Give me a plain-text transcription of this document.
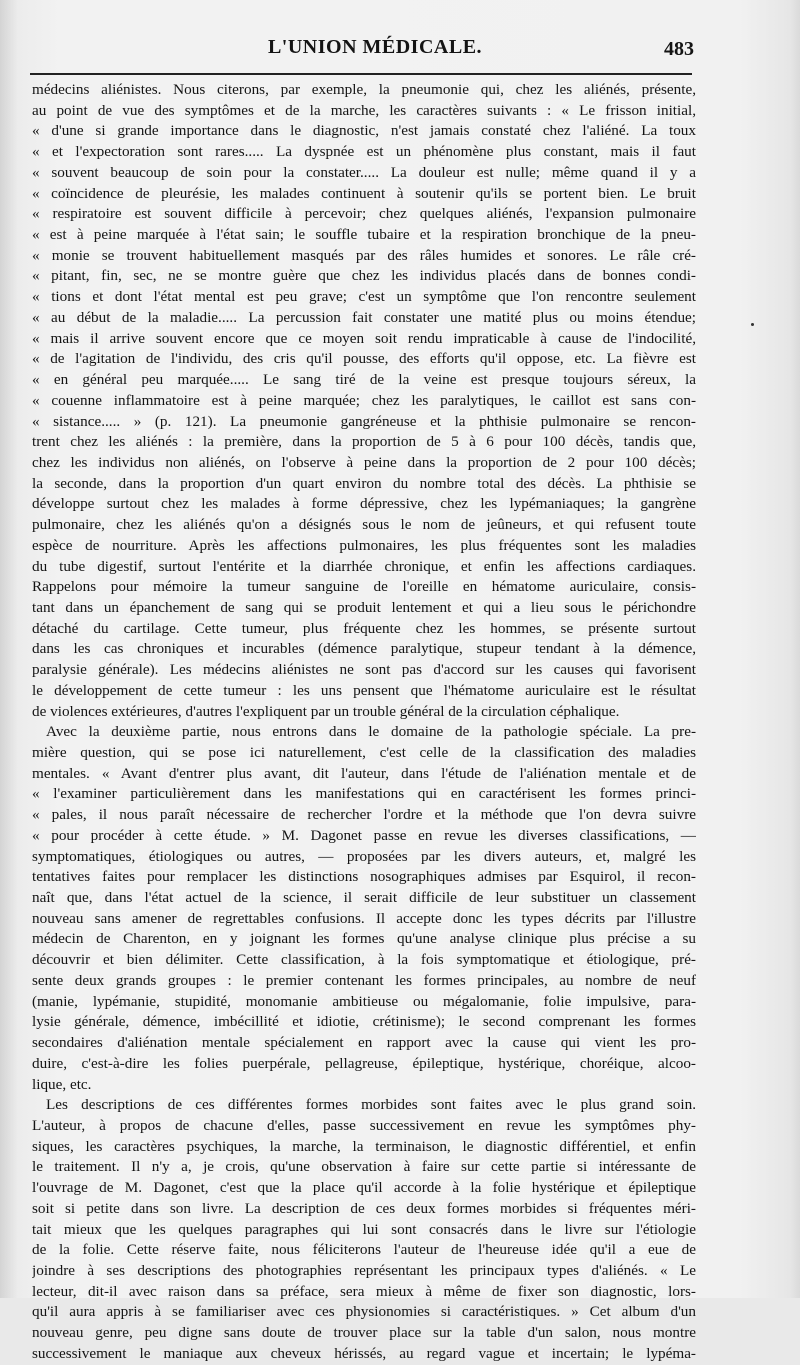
L'UNION MÉDICALE.	483
médecins aliénistes. Nous citerons, par exemple, la pneumonie qui, chez les aliénés, présente,
au point de vue des symptômes et de la marche, les caractères suivants : « Le frisson initial,
« d'une si grande importance dans le diagnostic, n'est jamais constaté chez l'aliéné. La toux
« et l'expectoration sont rares..... La dyspnée est un phénomène plus constant, mais il faut
« souvent beaucoup de soin pour la constater..... La douleur est nulle; même quand il y a
« coïncidence de pleurésie, les malades continuent à soutenir qu'ils se portent bien. Le bruit
« respiratoire est souvent difficile à percevoir; chez quelques aliénés, l'expansion pulmonaire
« est à peine marquée à l'état sain; le souffle tubaire et la respiration bronchique de la pneu-
« monie se trouvent habituellement masqués par des râles humides et sonores. Le râle cré-
« pitant, fin, sec, ne se montre guère que chez les individus placés dans de bonnes condi-
« tions et dont l'état mental est peu grave; c'est un symptôme que l'on rencontre seulement
« au début de la maladie..... La percussion fait constater une matité plus ou moins étendue;
« mais il arrive souvent encore que ce moyen soit rendu impraticable à cause de l'indocilité,
« de l'agitation de l'individu, des cris qu'il pousse, des efforts qu'il oppose, etc. La fièvre est
« en général peu marquée..... Le sang tiré de la veine est presque toujours séreux, la
« couenne inflammatoire est à peine marquée; chez les paralytiques, le caillot est sans con-
« sistance..... » (p. 121). La pneumonie gangréneuse et la phthisie pulmonaire se rencon-
trent chez les aliénés : la première, dans la proportion de 5 à 6 pour 100 décès, tandis que,
chez les individus non aliénés, on l'observe à peine dans la proportion de 2 pour 100 décès;
la seconde, dans la proportion d'un quart environ du nombre total des décès. La phthisie se
développe surtout chez les malades à forme dépressive, chez les lypémaniaques; la gangrène
pulmonaire, chez les aliénés qu'on a désignés sous le nom de jeûneurs, et qui refusent toute
espèce de nourriture. Après les affections pulmonaires, les plus fréquentes sont les maladies
du tube digestif, surtout l'entérite et la diarrhée chronique, et enfin les affections cardiaques.
Rappelons pour mémoire la tumeur sanguine de l'oreille en hématome auriculaire, consis-
tant dans un épanchement de sang qui se produit lentement et qui a lieu sous le périchondre
détaché du cartilage. Cette tumeur, plus fréquente chez les hommes, se présente surtout
dans les cas chroniques et incurables (démence paralytique, stupeur tendant à la démence,
paralysie générale). Les médecins aliénistes ne sont pas d'accord sur les causes qui favorisent
le développement de cette tumeur : les uns pensent que l'hématome auriculaire est le résultat
de violences extérieures, d'autres l'expliquent par un trouble général de la circulation céphalique.
Avec la deuxième partie, nous entrons dans le domaine de la pathologie spéciale. La pre-
mière question, qui se pose ici naturellement, c'est celle de la classification des maladies
mentales. « Avant d'entrer plus avant, dit l'auteur, dans l'étude de l'aliénation mentale et de
« l'examiner particulièrement dans les manifestations qui en caractérisent les formes princi-
« pales, il nous paraît nécessaire de rechercher l'ordre et la méthode que l'on devra suivre
« pour procéder à cette étude. » M. Dagonet passe en revue les diverses classifications, —
symptomatiques, étiologiques ou autres, — proposées par les divers auteurs, et, malgré les
tentatives faites pour remplacer les distinctions nosographiques admises par Esquirol, il recon-
naît que, dans l'état actuel de la science, il serait difficile de leur substituer un classement
nouveau sans amener de regrettables confusions. Il accepte donc les types décrits par l'illustre
médecin de Charenton, en y joignant les formes qu'une analyse clinique plus précise a su
découvrir et bien délimiter. Cette classification, à la fois symptomatique et étiologique, pré-
sente deux grands groupes : le premier contenant les formes principales, au nombre de neuf
(manie, lypémanie, stupidité, monomanie ambitieuse ou mégalomanie, folie impulsive, para-
lysie générale, démence, imbécillité et idiotie, crétinisme); le second comprenant les formes
secondaires d'aliénation mentale spécialement en rapport avec la cause qui vient les pro-
duire, c'est-à-dire les folies puerpérale, pellagreuse, épileptique, hystérique, choréique, alcoo-
lique, etc.
Les descriptions de ces différentes formes morbides sont faites avec le plus grand soin.
L'auteur, à propos de chacune d'elles, passe successivement en revue les symptômes phy-
siques, les caractères psychiques, la marche, la terminaison, le diagnostic différentiel, et enfin
le traitement. Il n'y a, je crois, qu'une observation à faire sur cette partie si intéressante de
l'ouvrage de M. Dagonet, c'est que la place qu'il accorde à la folie hystérique et épileptique
soit si petite dans son livre. La description de ces deux formes morbides si fréquentes méri-
tait mieux que les quelques paragraphes qui lui sont consacrés dans le livre sur l'étiologie
de la folie. Cette réserve faite, nous féliciterons l'auteur de l'heureuse idée qu'il a eue de
joindre à ses descriptions des photographies représentant les principaux types d'aliénés. « Le
lecteur, dit-il avec raison dans sa préface, sera mieux à même de fixer son diagnostic, lors-
qu'il aura appris à se familiariser avec ces physionomies si caractéristiques. » Cet album d'un
nouveau genre, peu digne sans doute de trouver place sur la table d'un salon, nous montre
successivement le maniaque aux cheveux hérissés, au regard vague et incertain; le lypéma-
